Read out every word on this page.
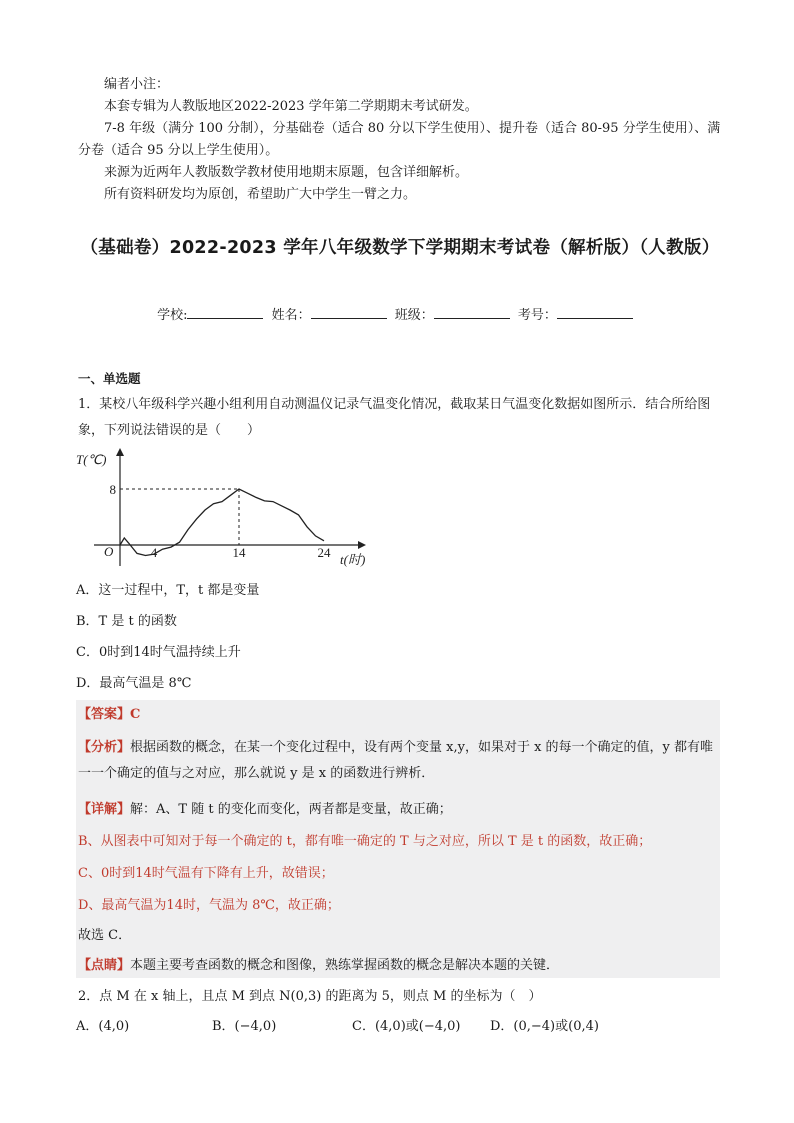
编者小注：

本套专辑为人教版地区2022-2023 学年第二学期期末考试研发。

7-8 年级（满分 100 分制），分基础卷（适合 80 分以下学生使用）、提升卷（适合 80-95 分学生使用）、满分卷（适合 95 分以上学生使用）。

来源为近两年人教版数学教材使用地期末原题，包含详细解析。

所有资料研发均为原创，希望助广大中学生一臂之力。

（基础卷）2022-2023 学年八年级数学下学期期末考试卷（解析版）（人教版）
学校:	姓名：	班级：	考号：
一、单选题
1．某校八年级科学兴趣小组利用自动测温仪记录气温变化情况，截取某日气温变化数据如图所示．结合所给图象，下列说法错误的是（　　）
T(℃)
t(时)
O
8
4	14	24
A．这一过程中，T，t 都是变量
B．T 是 t 的函数
C．0时到14时气温持续上升
D．最高气温是 8℃
【答案】C
【分析】根据函数的概念，在某一个变化过程中，设有两个变量 x,y，如果对于 x 的每一个确定的值，y 都有唯一一个确定的值与之对应，那么就说 y 是 x 的函数进行辨析．
【详解】解：A、T 随 t 的变化而变化，两者都是变量，故正确；
B、从图表中可知对于每一个确定的 t，都有唯一确定的 T 与之对应，所以 T 是 t 的函数，故正确；
C、0时到14时气温有下降有上升，故错误；
D、最高气温为14时，气温为 8℃，故正确；
故选 C．
【点睛】本题主要考查函数的概念和图像，熟练掌握函数的概念是解决本题的关键．
2．点 M 在 x 轴上，且点 M 到点 N(0,3) 的距离为 5，则点 M 的坐标为（　）
A．(4,0)	B．(−4,0)	C．(4,0)或(−4,0) D．(0,−4)或(0,4)
